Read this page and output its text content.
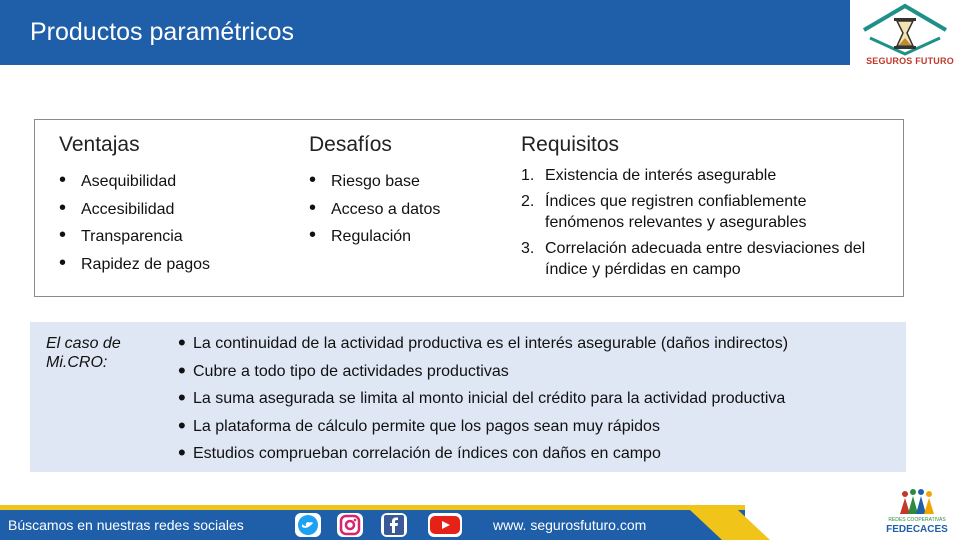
Productos paramétricos
SEGUROS FUTURO
Ventajas
• Asequibilidad
• Accesibilidad
• Transparencia
• Rapidez de pagos
Desafíos
• Riesgo base
• Acceso a datos
• Regulación
Requisitos
1. Existencia de interés asegurable
2. Índices que registren confiablemente fenómenos relevantes y asegurables
3. Correlación adecuada entre desviaciones del índice y pérdidas en campo
El caso de Mi.CRO:
• La continuidad de la actividad productiva es el interés asegurable (daños indirectos)
• Cubre a todo tipo de actividades productivas
• La suma asegurada se limita al monto inicial del crédito para la actividad productiva
• La plataforma de cálculo permite que los pagos sean muy rápidos
• Estudios comprueban correlación de índices con daños en campo
Búscamos en nuestras redes sociales	www. segurosfuturo.com	REDES COOPERATIVAS
FEDECACES
